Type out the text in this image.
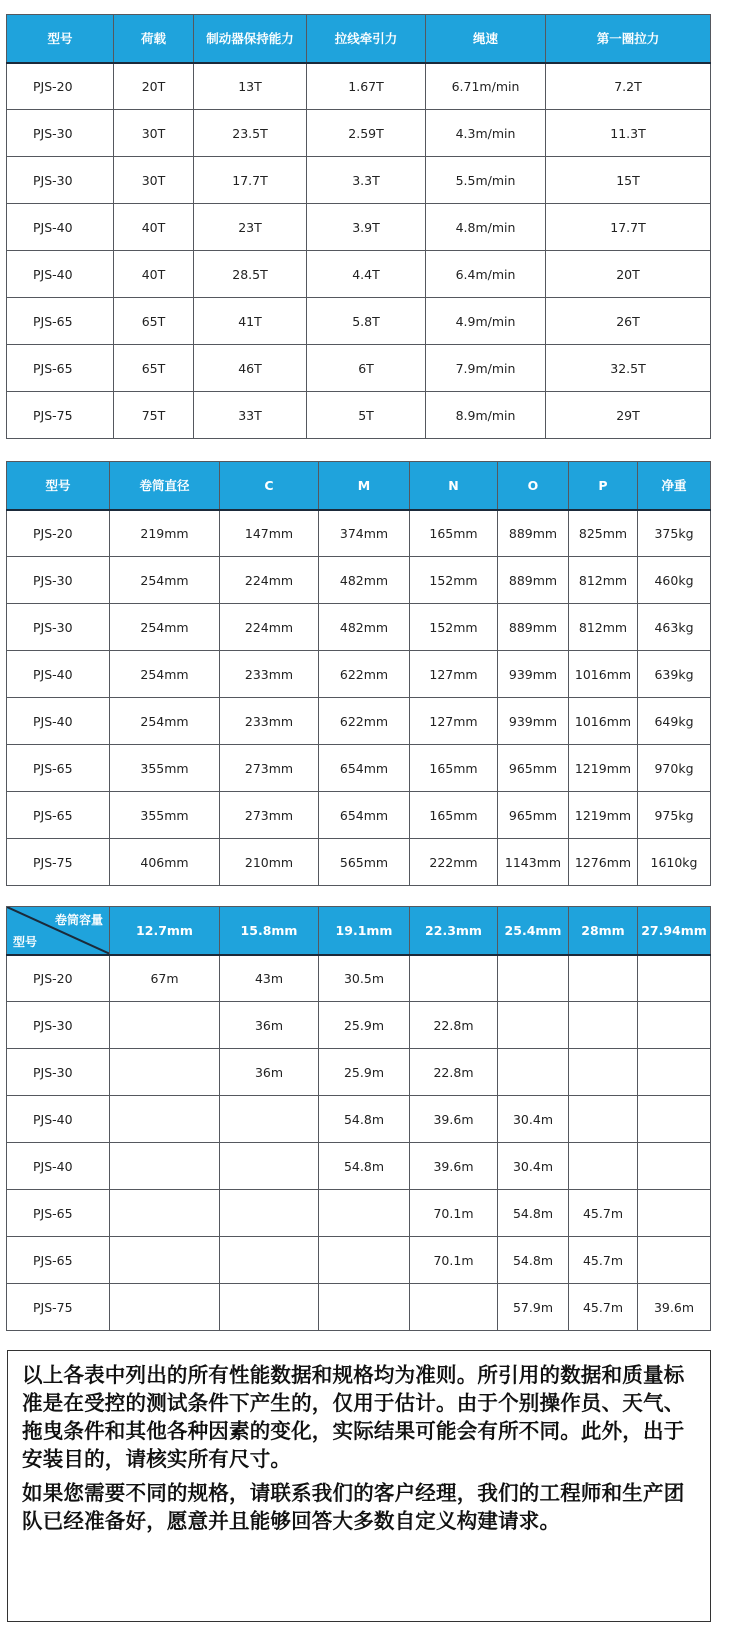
型号	荷载	制动器保持能力	拉线牵引力	绳速	第一圈拉力
PJS-20	20T	13T	1.67T	6.71m/min	7.2T
PJS-30	30T	23.5T	2.59T	4.3m/min	11.3T
PJS-30	30T	17.7T	3.3T	5.5m/min	15T
PJS-40	40T	23T	3.9T	4.8m/min	17.7T
PJS-40	40T	28.5T	4.4T	6.4m/min	20T
PJS-65	65T	41T	5.8T	4.9m/min	26T
PJS-65	65T	46T	6T	7.9m/min	32.5T
PJS-75	75T	33T	5T	8.9m/min	29T
型号	卷筒直径	C	M	N	O	P	净重
PJS-20	219mm	147mm	374mm	165mm	889mm	825mm	375kg
PJS-30	254mm	224mm	482mm	152mm	889mm	812mm	460kg
PJS-30	254mm	224mm	482mm	152mm	889mm	812mm	463kg
PJS-40	254mm	233mm	622mm	127mm	939mm	1016mm	639kg
PJS-40	254mm	233mm	622mm	127mm	939mm	1016mm	649kg
PJS-65	355mm	273mm	654mm	165mm	965mm	1219mm	970kg
PJS-65	355mm	273mm	654mm	165mm	965mm	1219mm	975kg
PJS-75	406mm	210mm	565mm	222mm	1143mm	1276mm	1610kg
卷筒容量
型号	12.7mm	15.8mm	19.1mm	22.3mm	25.4mm	28mm	27.94mm
PJS-20	67m	43m	30.5m				
PJS-30		36m	25.9m	22.8m			
PJS-30		36m	25.9m	22.8m			
PJS-40			54.8m	39.6m	30.4m		
PJS-40			54.8m	39.6m	30.4m		
PJS-65				70.1m	54.8m	45.7m	
PJS-65				70.1m	54.8m	45.7m	
PJS-75					57.9m	45.7m	39.6m

以上各表中列出的所有性能数据和规格均为准则。所引用的数据和质量标准是在受控的测试条件下产生的，仅用于估计。由于个别操作员、天气、拖曳条件和其他各种因素的变化，实际结果可能会有所不同。此外，出于安装目的，请核实所有尺寸。

如果您需要不同的规格，请联系我们的客户经理，我们的工程师和生产团队已经准备好，愿意并且能够回答大多数自定义构建请求。
